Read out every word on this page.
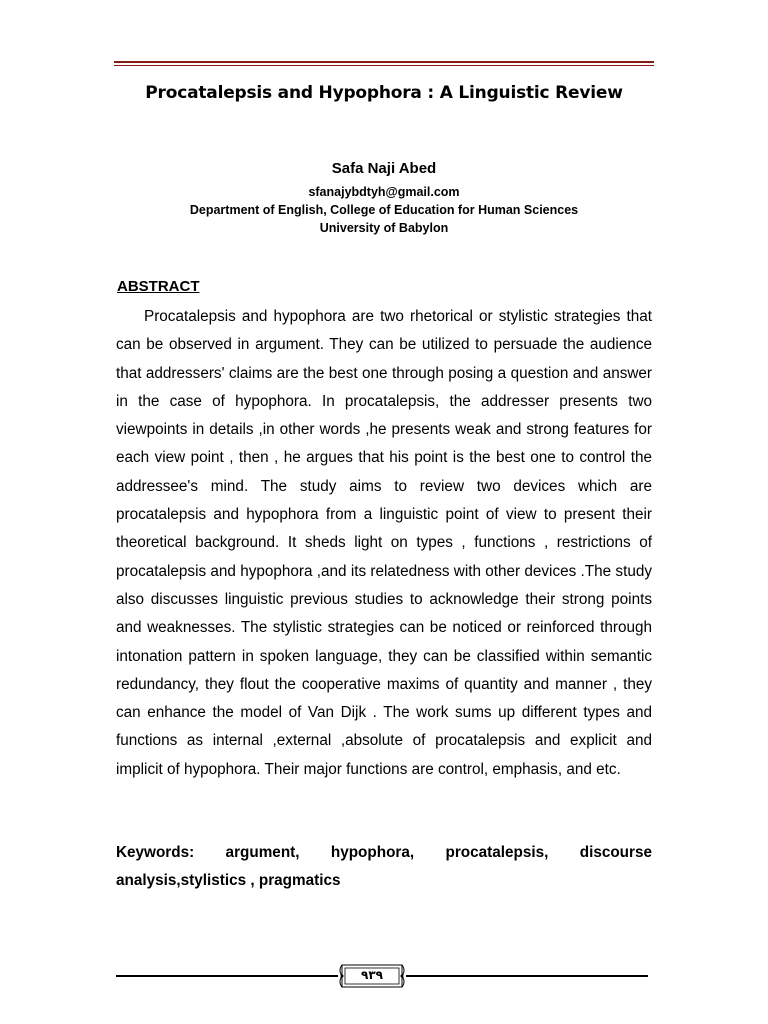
Procatalepsis and Hypophora : A Linguistic Review
Safa Naji Abed
sfanajybdtyh@gmail.com
Department of English, College of Education for Human Sciences
University of Babylon
ABSTRACT

Procatalepsis and hypophora are two rhetorical or stylistic strategies that can be observed in argument. They can be utilized to persuade the audience that addressers' claims are the best one through posing a question and answer in the case of hypophora. In procatalepsis, the addresser presents two viewpoints in details ,in other words ,he presents weak and strong features for each view point , then , he argues that his point is the best one to control the addressee's mind. The study aims to review two devices which are procatalepsis and hypophora from a linguistic point of view to present their theoretical background. It sheds light on types , functions , restrictions of procatalepsis and hypophora ,and its relatedness with other devices .The study also discusses linguistic previous studies to acknowledge their strong points and weaknesses. The stylistic strategies can be noticed or reinforced through intonation pattern in spoken language, they can be classified within semantic redundancy, they flout the cooperative maxims of quantity and manner , they can enhance the model of Van Dijk . The work sums up different types and functions as internal ,external ,absolute of procatalepsis and explicit and implicit of hypophora. Their major functions are control, emphasis, and etc.

Keywords: argument, hypophora, procatalepsis, discourse analysis,stylistics , pragmatics

٩٣٩
